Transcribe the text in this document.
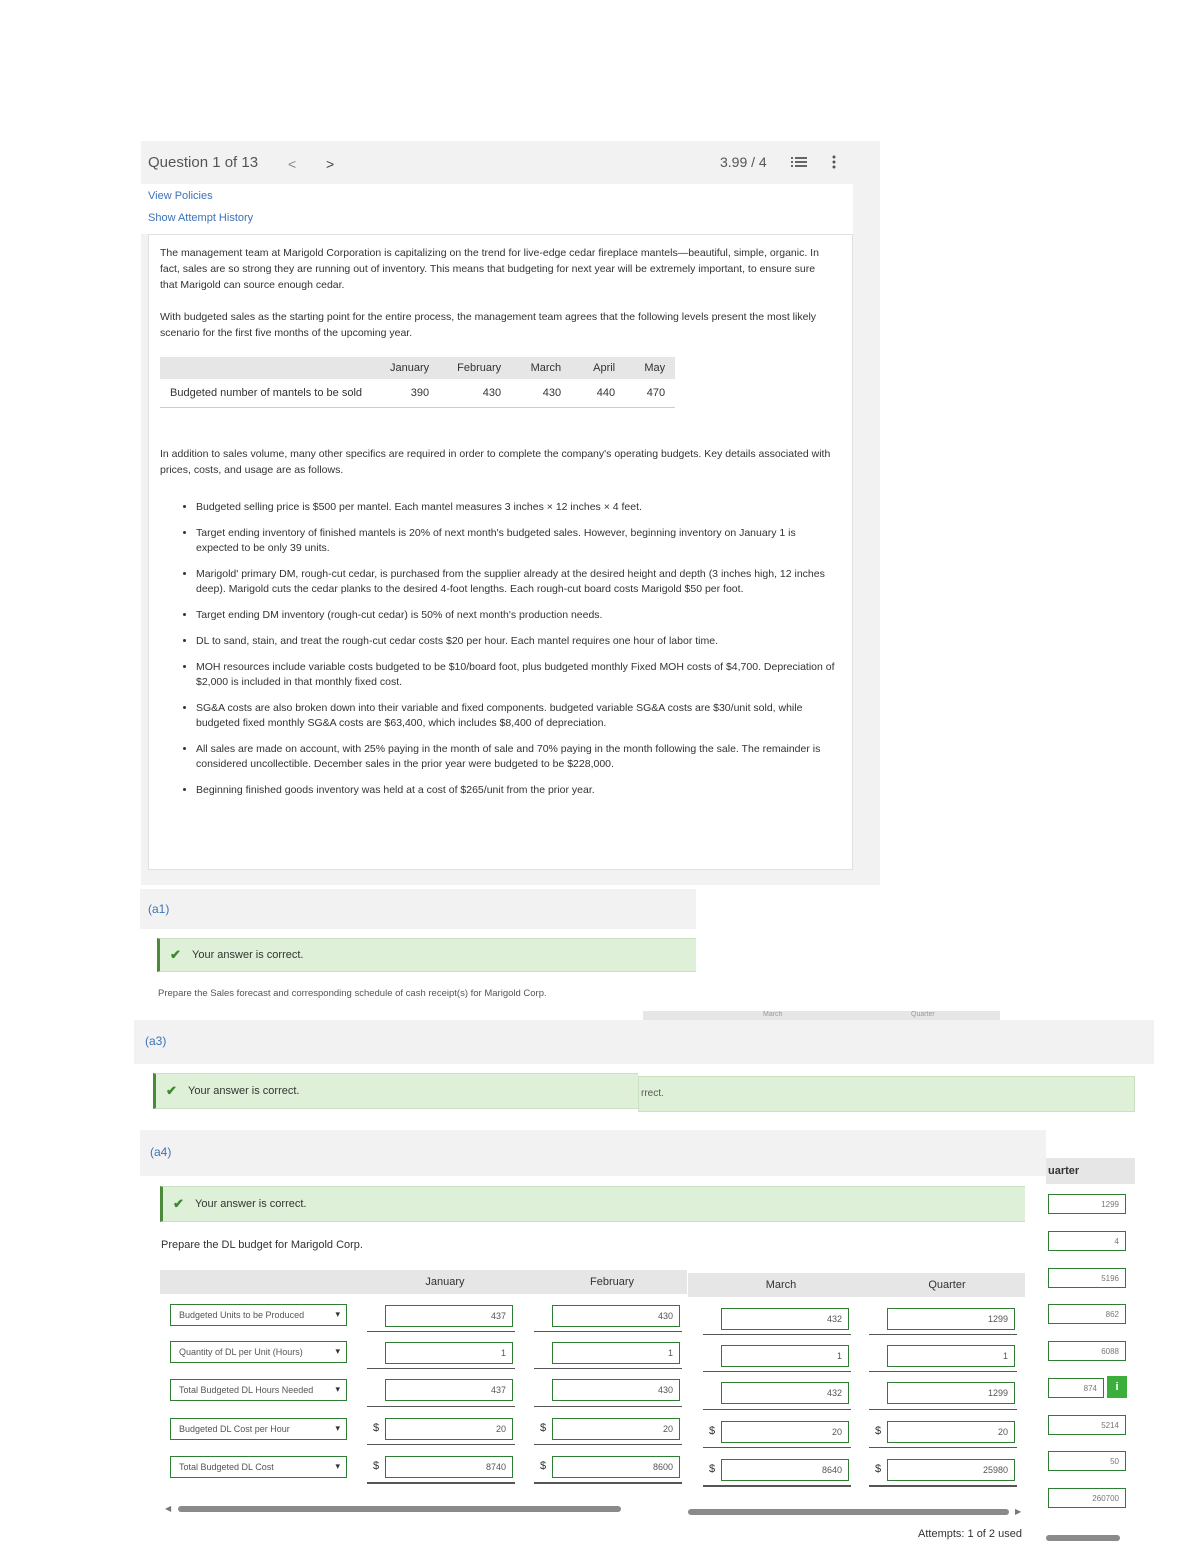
Question 1 of 13 < >	3.99 / 4
View Policies
Show Attempt History
The management team at Marigold Corporation is capitalizing on the trend for live-edge cedar fireplace mantels—beautiful, simple, organic. In fact, sales are so strong they are running out of inventory. This means that budgeting for next year will be extremely important, to ensure sure that Marigold can source enough cedar.
With budgeted sales as the starting point for the entire process, the management team agrees that the following levels present the most likely scenario for the first five months of the upcoming year.
	January	February	March	April	May
Budgeted number of mantels to be sold	390	430	430	440	470
In addition to sales volume, many other specifics are required in order to complete the company's operating budgets. Key details associated with prices, costs, and usage are as follows.
• Budgeted selling price is $500 per mantel. Each mantel measures 3 inches × 12 inches × 4 feet.
• Target ending inventory of finished mantels is 20% of next month's budgeted sales. However, beginning inventory on January 1 is expected to be only 39 units.
• Marigold' primary DM, rough-cut cedar, is purchased from the supplier already at the desired height and depth (3 inches high, 12 inches deep). Marigold cuts the cedar planks to the desired 4-foot lengths. Each rough-cut board costs Marigold $50 per foot.
• Target ending DM inventory (rough-cut cedar) is 50% of next month's production needs.
• DL to sand, stain, and treat the rough-cut cedar costs $20 per hour. Each mantel requires one hour of labor time.
• MOH resources include variable costs budgeted to be $10/board foot, plus budgeted monthly Fixed MOH costs of $4,700. Depreciation of $2,000 is included in that monthly fixed cost.
• SG&A costs are also broken down into their variable and fixed components. budgeted variable SG&A costs are $30/unit sold, while budgeted fixed monthly SG&A costs are $63,400, which includes $8,400 of depreciation.
• All sales are made on account, with 25% paying in the month of sale and 70% paying in the month following the sale. The remainder is considered uncollectible. December sales in the prior year were budgeted to be $228,000.
• Beginning finished goods inventory was held at a cost of $265/unit from the prior year.
(a1)
✔ Your answer is correct.
Prepare the Sales forecast and corresponding schedule of cash receipt(s) for Marigold Corp.
March	Quarter
(a3)
✔ Your answer is correct.	rrect.
uarter
1299
4
5196
862
6088
874	i
5214
50
260700
(a4)
✔ Your answer is correct.
Prepare the DL budget for Marigold Corp.
January	February	March	Quarter
Budgeted Units to be Produced	▾	437	430	432	1299
Quantity of DL per Unit (Hours)	▾	1	1	1	1
Total Budgeted DL Hours Needed ▾	437	430	432	1299
Budgeted DL Cost per Hour	▾	$	20	$	20	$	20	$	20
Total Budgeted DL Cost	▾	$	8740	$	8600	$	8640	$	25980
◀	▶
Attempts: 1 of 2 used
